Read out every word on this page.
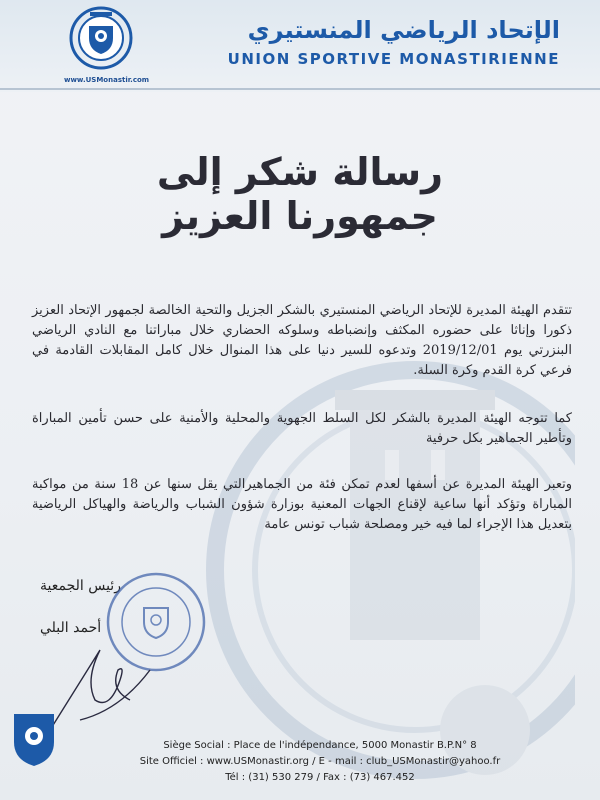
www.USMonastir.com
الإتحاد الرياضي المنستيري
UNION SPORTIVE MONASTIRIENNE
رسالة شكر إلى جمهورنا العزيز

تتقدم الهيئة المديرة للإتحاد الرياضي المنستيري بالشكر الجزيل والتحية الخالصة لجمهور الإتحاد العزيز ذكورا وإناثا على حضوره المكثف وإنضباطه وسلوكه الحضاري خلال مباراتنا مع النادي الرياضي البنزرتي يوم 2019/12/01 وتدعوه للسير دنيا على هذا المنوال خلال كامل المقابلات القادمة في فرعي كرة القدم وكرة السلة.

كما تتوجه الهيئة المديرة بالشكر لكل السلط الجهوية والمحلية والأمنية على حسن تأمين المباراة وتأطير الجماهير بكل حرفية

وتعبر الهيئة المديرة عن أسفها لعدم تمكن فئة من الجماهيرالتي يقل سنها عن 18 سنة من مواكبة المباراة وتؤكد أنها ساعية لإقناع الجهات المعنية بوزارة شؤون الشباب والرياضة والهياكل الرياضية بتعديل هذا الإجراء لما فيه خير ومصلحة شباب تونس عامة

رئيس الجمعية
أحمد البلي
Siège Social : Place de l'indépendance, 5000 Monastir B.P.N° 8
Site Officiel : www.USMonastir.org / E - mail : club_USMonastir@yahoo.fr
Tél : (31) 530 279 / Fax : (73) 467.452
